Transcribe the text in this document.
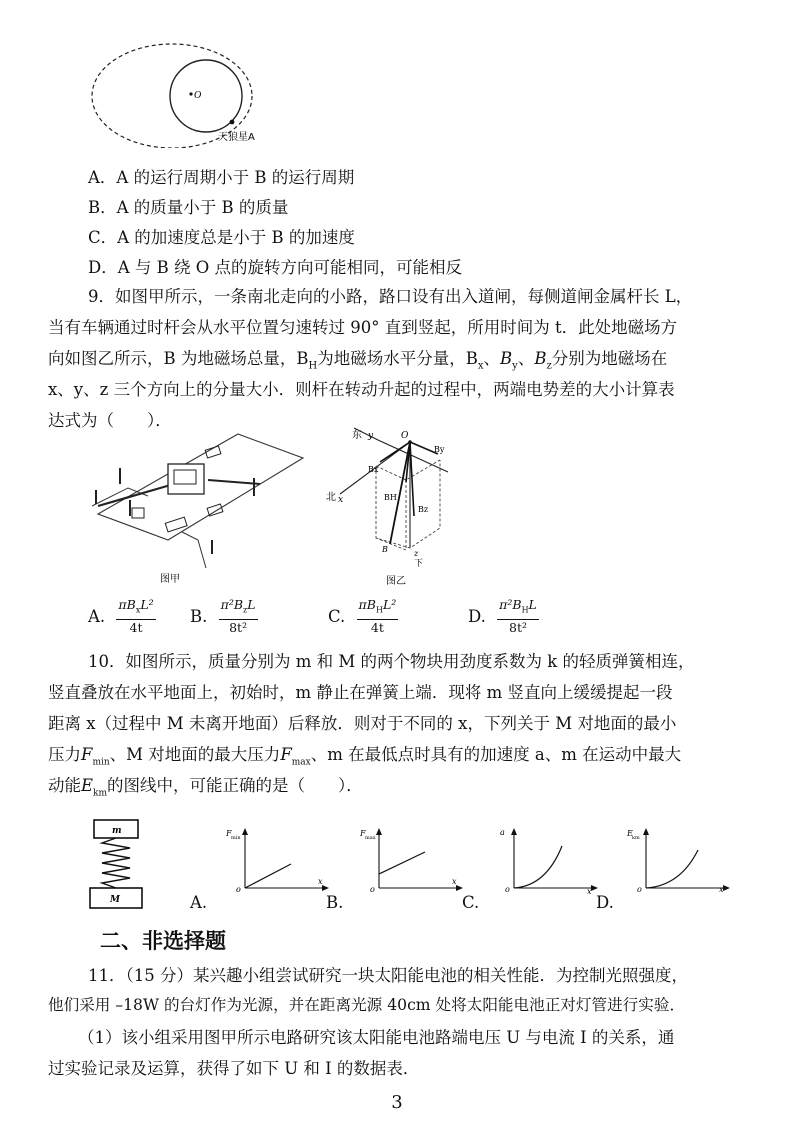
O
天狼星A
A．A 的运行周期小于 B 的运行周期
B．A 的质量小于 B 的质量
C．A 的加速度总是小于 B 的加速度
D．A 与 B 绕 O 点的旋转方向可能相同，可能相反
9．如图甲所示，一条南北走向的小路，路口设有出入道闸，每侧道闸金属杆长 L，
当有车辆通过时杆会从水平位置匀速转过 90° 直到竖起，所用时间为 t．此处地磁场方
向如图乙所示，B 为地磁场总量，$B_H$为地磁场水平分量，$B_x$、$B_y$、$B_z$分别为地磁场在
x、y、z 三个方向上的分量大小．则杆在转动升起的过程中，两端电势差的大小计算表
达式为（　　）．
图甲
东 y	O
Bx
By
BH
Bz
北 x
B	z
下
图乙
A. $\frac{\pi B_xL^2}{4t} B$. $\frac{\pi^2B_zL}{\text{8t²}}$	C. $\frac{\pi B_HL^2}{4t}$	D. $\frac{\pi^2B_HL}{\text{8t²}}$
10．如图所示，质量分别为 m 和 M 的两个物块用劲度系数为 k 的轻质弹簧相连，
竖直叠放在水平地面上，初始时，m 静止在弹簧上端．现将 m 竖直向上缓缓提起一段
距离 x（过程中 M 未离开地面）后释放．则对于不同的 x，下列关于 M 对地面的最小
压力$F_{min}$、M 对地面的最大压力$F_{max}$、m 在最低点时具有的加速度 a、m 在运动中最大
动能$E_{km}$的图线中，可能正确的是（　　）．
m
M
F min
o
x
F max
o
x
a
o	x
E km
o	x
A.	B.	C.	D.
二、非选择题
11．（15 分）某兴趣小组尝试研究一块太阳能电池的相关性能．为控制光照强度，
他们采用 –18W 的台灯作为光源，并在距离光源 40cm 处将太阳能电池正对灯管进行实验．
（1）该小组采用图甲所示电路研究该太阳能电池路端电压 U 与电流 I 的关系，通
过实验记录及运算，获得了如下 U 和 I 的数据表．
3
